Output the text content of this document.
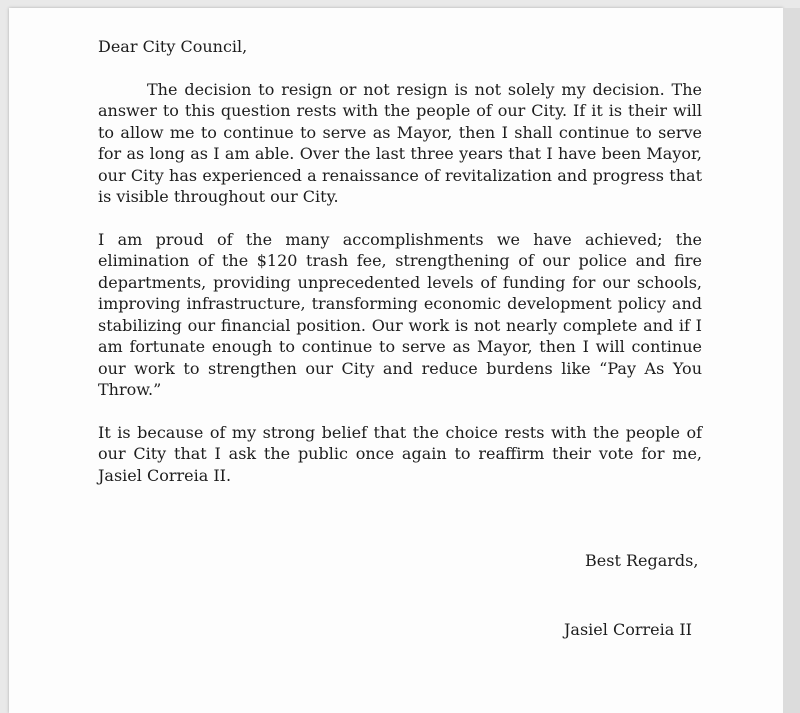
Dear City Council,

The decision to resign or not resign is not solely my decision. The answer to this question rests with the people of our City. If it is their will to allow me to continue to serve as Mayor, then I shall continue to serve for as long as I am able. Over the last three years that I have been Mayor, our City has experienced a renaissance of revitalization and progress that is visible throughout our City.

I am proud of the many accomplishments we have achieved; the elimination of the $120 trash fee, strengthening of our police and fire departments, providing unprecedented levels of funding for our schools, improving infrastructure, transforming economic development policy and stabilizing our financial position. Our work is not nearly complete and if I am fortunate enough to continue to serve as Mayor, then I will continue our work to strengthen our City and reduce burdens like “Pay As You Throw.”

It is because of my strong belief that the choice rests with the people of our City that I ask the public once again to reaffirm their vote for me, Jasiel Correia II.

Best Regards,
Jasiel Correia II
